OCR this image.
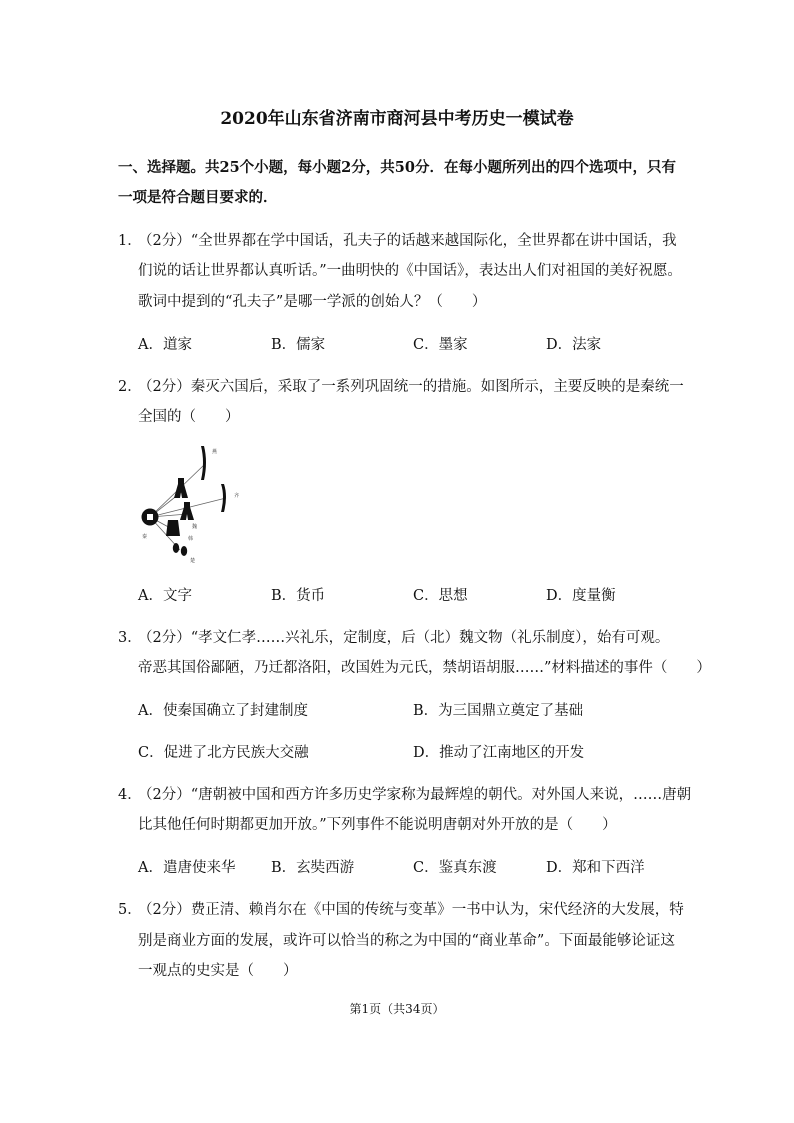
2020年山东省济南市商河县中考历史一模试卷
一、选择题。共25个小题，每小题2分，共50分．在每小题所列出的四个选项中，只有
一项是符合题目要求的．
1．
（2分）“全世界都在学中国话，孔夫子的话越来越国际化，全世界都在讲中国话，我
们说的话让世界都认真听话。”一曲明快的《中国话》，表达出人们对祖国的美好祝愿。
歌词中提到的“孔夫子”是哪一学派的创始人？（　　）
A．道家	B．儒家	C．墨家	D．法家
2．
（2分）秦灭六国后，采取了一系列巩固统一的措施。如图所示，主要反映的是秦统一
全国的（　　）
燕
齐
楚
魏
韩
秦
A．文字	B．货币	C．思想	D．度量衡
3．
（2分）“孝文仁孝……兴礼乐，定制度，后（北）魏文物（礼乐制度），始有可观。
帝恶其国俗鄙陋，乃迁都洛阳，改国姓为元氏，禁胡语胡服……”材料描述的事件（　　）
A．使秦国确立了封建制度	B．为三国鼎立奠定了基础
C．促进了北方民族大交融	D．推动了江南地区的开发
4．
（2分）“唐朝被中国和西方许多历史学家称为最辉煌的朝代。对外国人来说，……唐朝
比其他任何时期都更加开放。”下列事件不能说明唐朝对外开放的是（　　）
A．遣唐使来华 B．玄奘西游	C．鉴真东渡	D．郑和下西洋
5．
（2分）费正清、赖肖尔在《中国的传统与变革》一书中认为，宋代经济的大发展，特
别是商业方面的发展，或许可以恰当的称之为中国的“商业革命”。下面最能够论证这
一观点的史实是（　　）
第1页（共34页）
